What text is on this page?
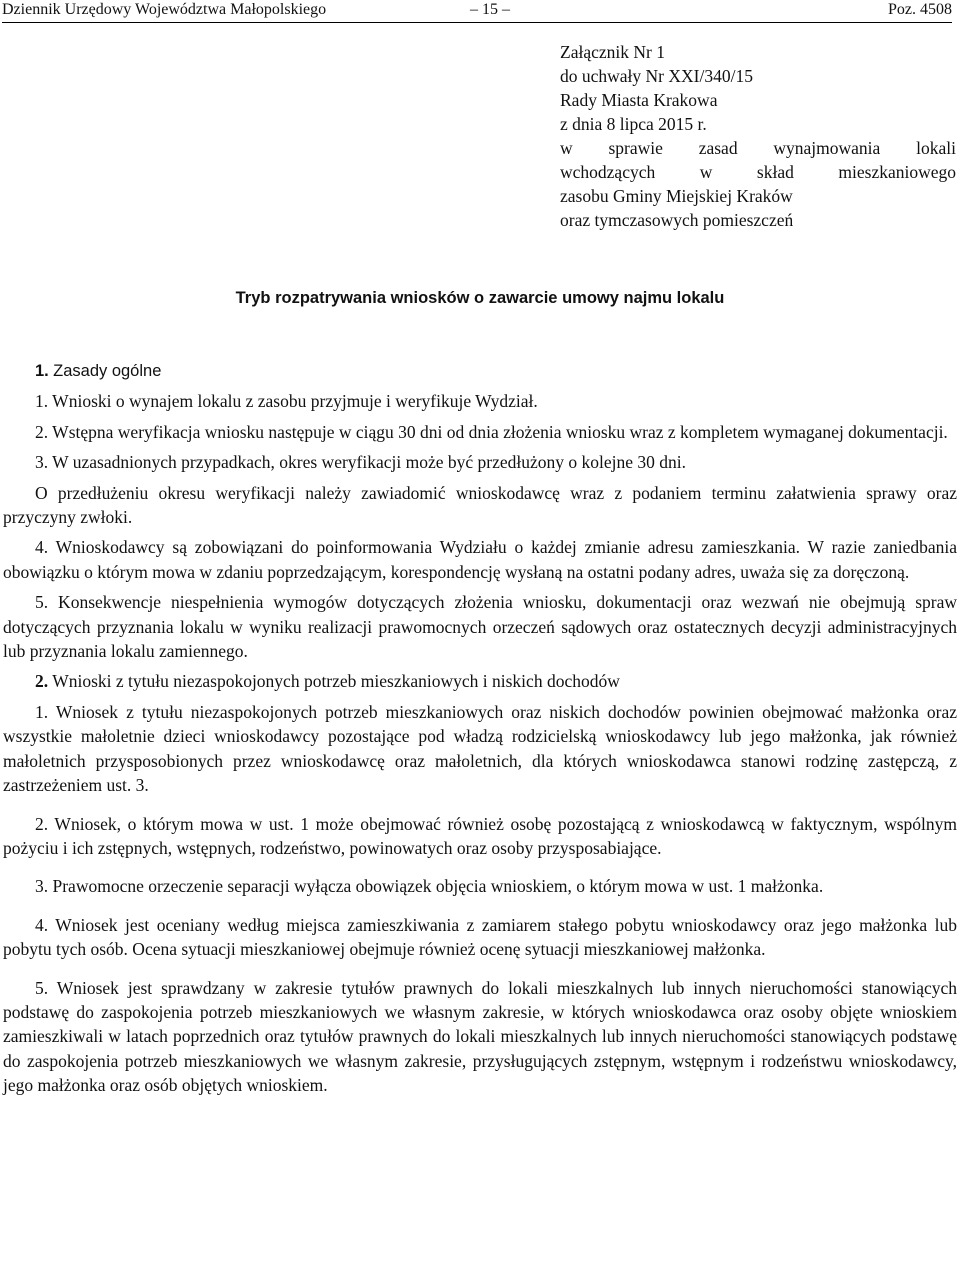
Dziennik Urzędowy Województwa Małopolskiego	– 15 –	Poz. 4508
Załącznik Nr 1
do uchwały Nr XXI/340/15
Rady Miasta Krakowa
z dnia 8 lipca 2015 r.
w sprawie zasad wynajmowania lokali
wchodzących w skład mieszkaniowego
zasobu Gminy Miejskiej Kraków
oraz tymczasowych pomieszczeń
Tryb rozpatrywania wniosków o zawarcie umowy najmu lokalu
1. Zasady ogólne

1. Wnioski o wynajem lokalu z zasobu przyjmuje i weryfikuje Wydział.

2. Wstępna weryfikacja wniosku następuje w ciągu 30 dni od dnia złożenia wniosku wraz z kompletem wymaganej dokumentacji.

3. W uzasadnionych przypadkach, okres weryfikacji może być przedłużony o kolejne 30 dni.

O przedłużeniu okresu weryfikacji należy zawiadomić wnioskodawcę wraz z podaniem terminu załatwienia sprawy oraz przyczyny zwłoki.

4. Wnioskodawcy są zobowiązani do poinformowania Wydziału o każdej zmianie adresu zamieszkania. W razie zaniedbania obowiązku o którym mowa w zdaniu poprzedzającym, korespondencję wysłaną na ostatni podany adres, uważa się za doręczoną.

5. Konsekwencje niespełnienia wymogów dotyczących złożenia wniosku, dokumentacji oraz wezwań nie obejmują spraw dotyczących przyznania lokalu w wyniku realizacji prawomocnych orzeczeń sądowych oraz ostatecznych decyzji administracyjnych lub przyznania lokalu zamiennego.

2. Wnioski z tytułu niezaspokojonych potrzeb mieszkaniowych i niskich dochodów

1. Wniosek z tytułu niezaspokojonych potrzeb mieszkaniowych oraz niskich dochodów powinien obejmować małżonka oraz wszystkie małoletnie dzieci wnioskodawcy pozostające pod władzą rodzicielską wnioskodawcy lub jego małżonka, jak również małoletnich przysposobionych przez wnioskodawcę oraz małoletnich, dla których wnioskodawca stanowi rodzinę zastępczą, z zastrzeżeniem ust. 3.

2. Wniosek, o którym mowa w ust. 1 może obejmować również osobę pozostającą z wnioskodawcą w faktycznym, wspólnym pożyciu i ich zstępnych, wstępnych, rodzeństwo, powinowatych oraz osoby przysposabiające.

3. Prawomocne orzeczenie separacji wyłącza obowiązek objęcia wnioskiem, o którym mowa w ust. 1 małżonka.

4. Wniosek jest oceniany według miejsca zamieszkiwania z zamiarem stałego pobytu wnioskodawcy oraz jego małżonka lub pobytu tych osób. Ocena sytuacji mieszkaniowej obejmuje również ocenę sytuacji mieszkaniowej małżonka.

5. Wniosek jest sprawdzany w zakresie tytułów prawnych do lokali mieszkalnych lub innych nieruchomości stanowiących podstawę do zaspokojenia potrzeb mieszkaniowych we własnym zakresie, w których wnioskodawca oraz osoby objęte wnioskiem zamieszkiwali w latach poprzednich oraz tytułów prawnych do lokali mieszkalnych lub innych nieruchomości stanowiących podstawę do zaspokojenia potrzeb mieszkaniowych we własnym zakresie, przysługujących zstępnym, wstępnym i rodzeństwu wnioskodawcy, jego małżonka oraz osób objętych wnioskiem.
